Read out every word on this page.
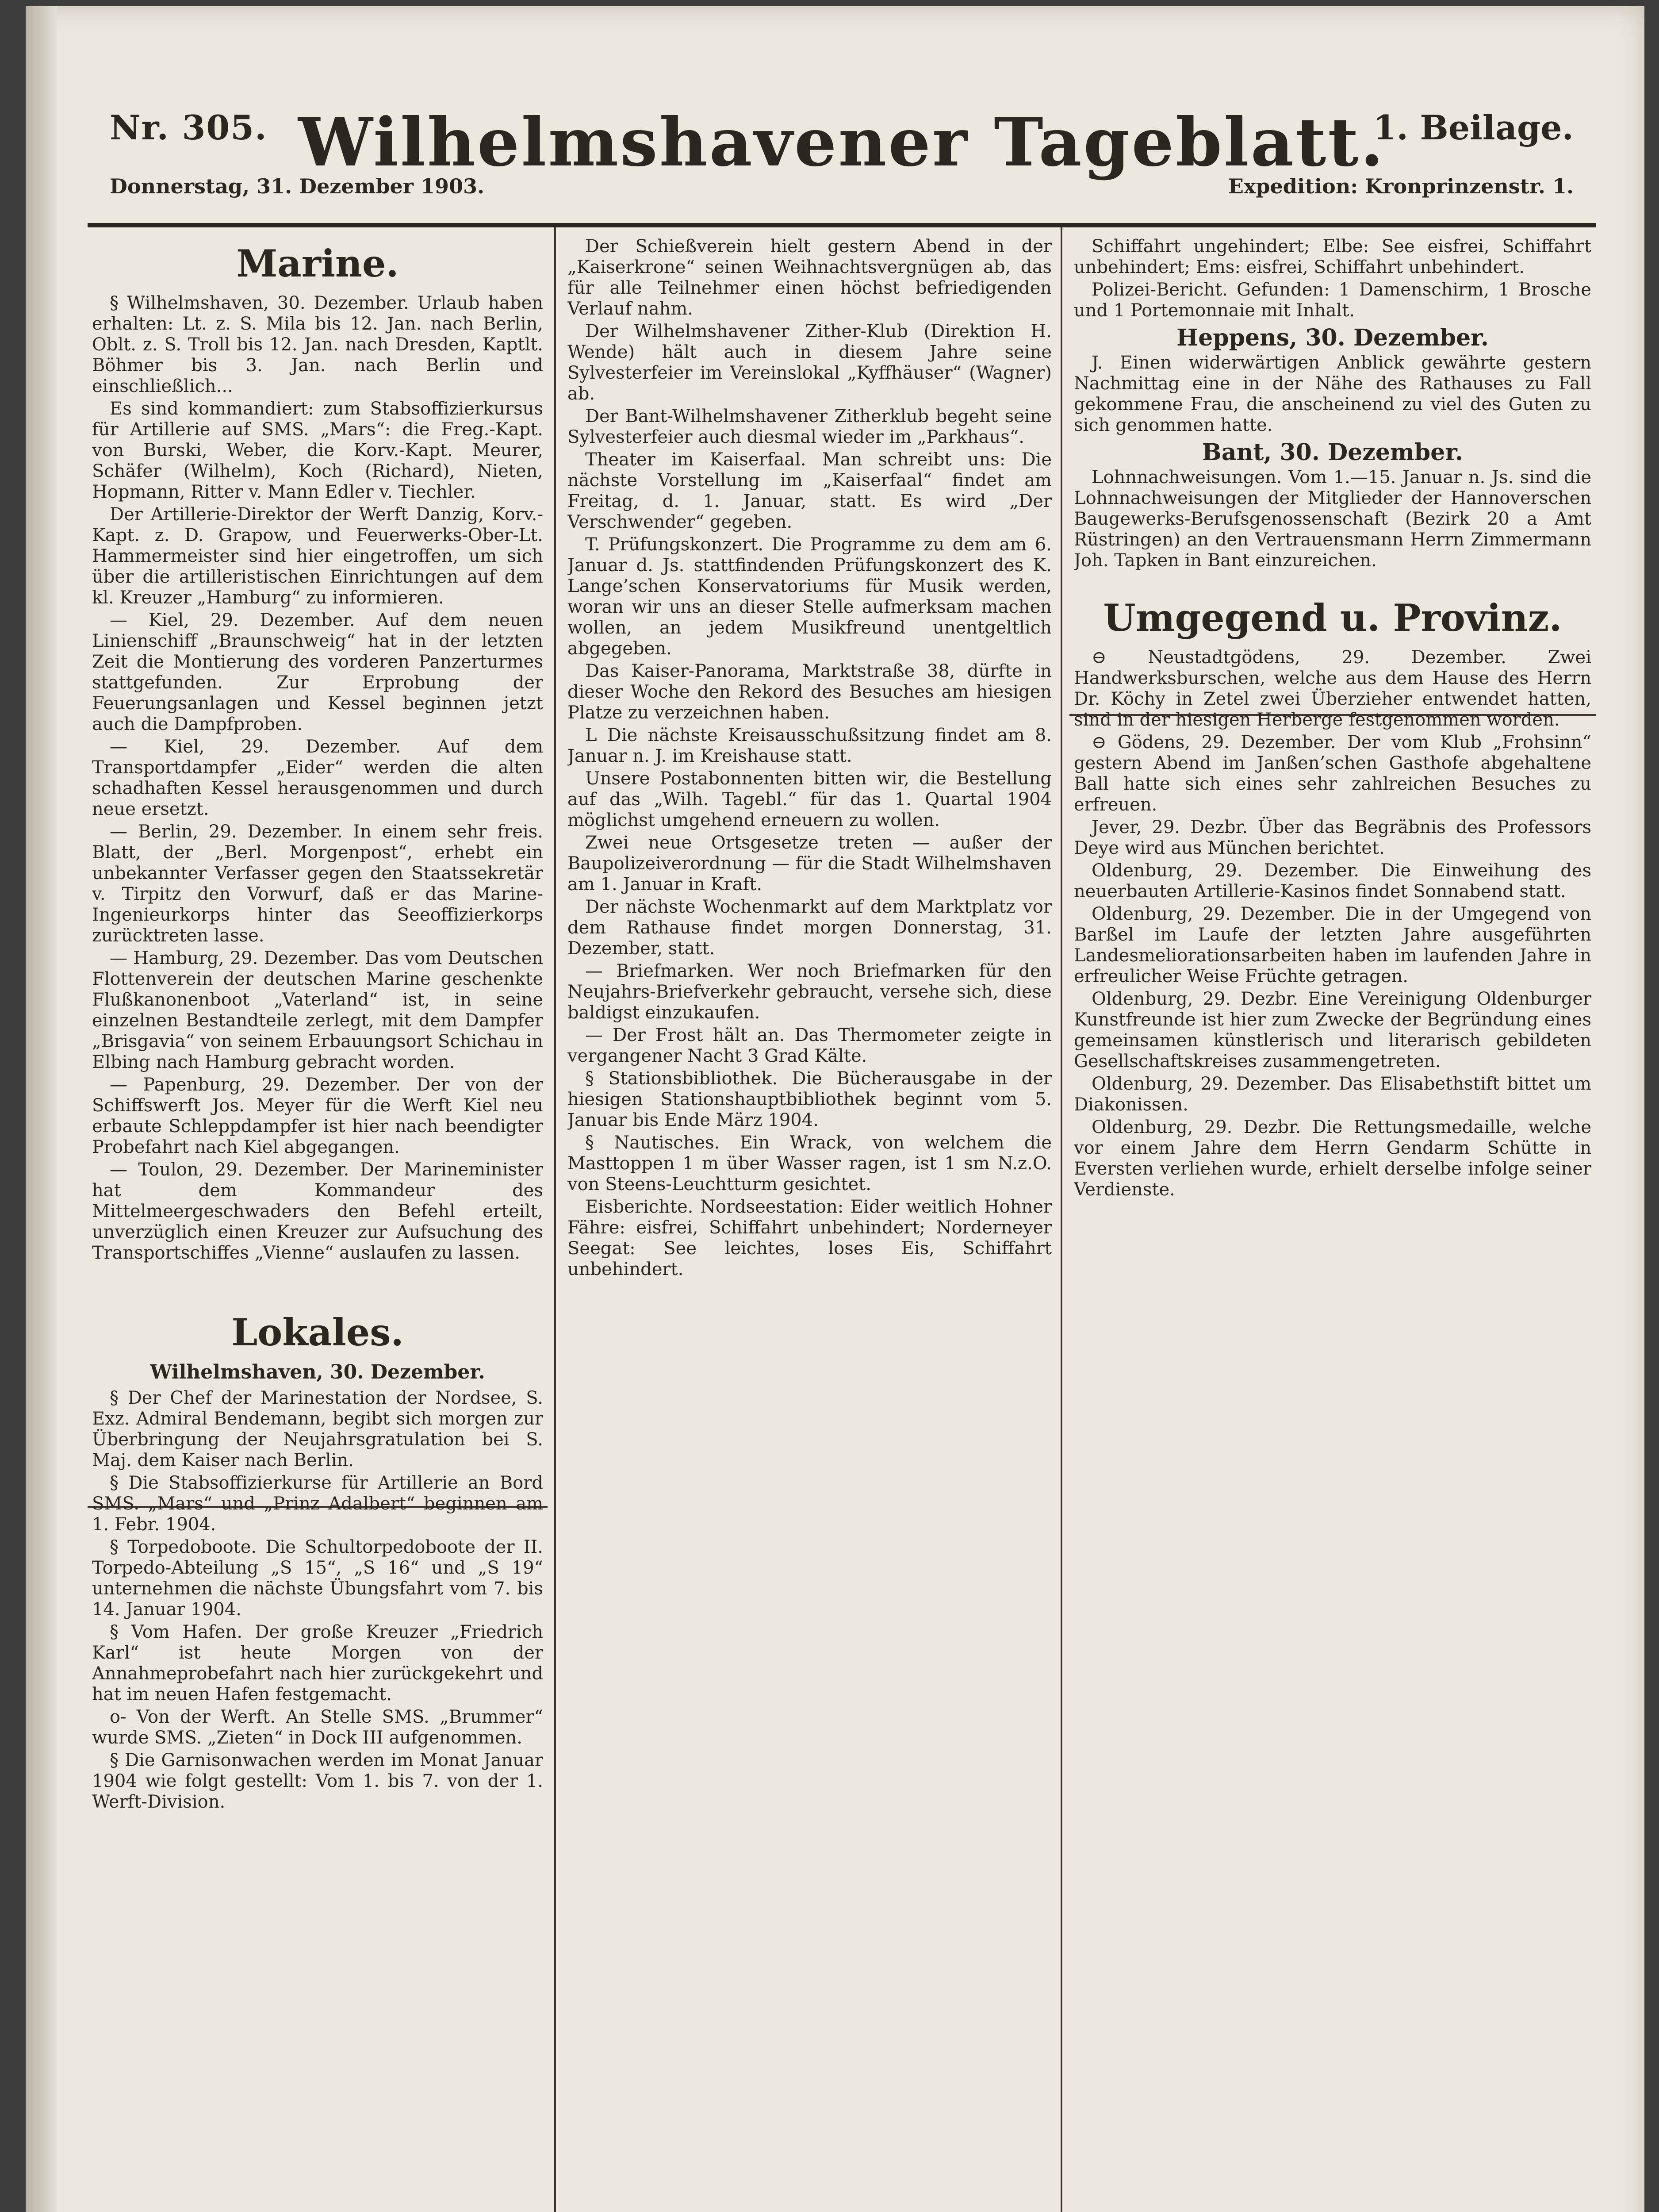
Nr. 305.
Donnerstag, 31. Dezember 1903.
Wilhelmshavener Tageblatt.
1. Beilage.
Expedition: Kronprinzenstr. 1.
Marine.

§ Wilhelmshaven, 30. Dezember. Urlaub haben erhalten: Lt. z. S. Mila bis 12. Jan. nach Berlin, Oblt. z. S. Troll bis 12. Jan. nach Dresden, Kaptlt. Böhmer bis 3. Jan. nach Berlin und einschließlich...

Es sind kommandiert: zum Stabsoffizierkursus für Artillerie auf SMS. „Mars“: die Freg.-Kapt. von Burski, Weber, die Korv.-Kapt. Meurer, Schäfer (Wilhelm), Koch (Richard), Nieten, Hopmann, Ritter v. Mann Edler v. Tiechler.

Der Artillerie-Direktor der Werft Danzig, Korv.-Kapt. z. D. Grapow, und Feuerwerks-Ober-Lt. Hammermeister sind hier eingetroffen, um sich über die artilleristischen Einrichtungen auf dem kl. Kreuzer „Hamburg“ zu informieren.

— Kiel, 29. Dezember. Auf dem neuen Linienschiff „Braunschweig“ hat in der letzten Zeit die Montierung des vorderen Panzerturmes stattgefunden. Zur Erprobung der Feuerungsanlagen und Kessel beginnen jetzt auch die Dampfproben.

— Kiel, 29. Dezember. Auf dem Transportdampfer „Eider“ werden die alten schadhaften Kessel herausgenommen und durch neue ersetzt.

— Berlin, 29. Dezember. In einem sehr freis. Blatt, der „Berl. Morgenpost“, erhebt ein unbekannter Verfasser gegen den Staatssekretär v. Tirpitz den Vorwurf, daß er das Marine-Ingenieurkorps hinter das Seeoffizierkorps zurücktreten lasse.

— Hamburg, 29. Dezember. Das vom Deutschen Flottenverein der deutschen Marine geschenkte Flußkanonenboot „Vaterland“ ist, in seine einzelnen Bestandteile zerlegt, mit dem Dampfer „Brisgavia“ von seinem Erbauungsort Schichau in Elbing nach Hamburg gebracht worden.

— Papenburg, 29. Dezember. Der von der Schiffswerft Jos. Meyer für die Werft Kiel neu erbaute Schleppdampfer ist hier nach beendigter Probefahrt nach Kiel abgegangen.

— Toulon, 29. Dezember. Der Marineminister hat dem Kommandeur des Mittelmeergeschwaders den Befehl erteilt, unverzüglich einen Kreuzer zur Aufsuchung des Transportschiffes „Vienne“ auslaufen zu lassen.

Lokales.
Wilhelmshaven, 30. Dezember.

§ Der Chef der Marinestation der Nordsee, S. Exz. Admiral Bendemann, begibt sich morgen zur Überbringung der Neujahrsgratulation bei S. Maj. dem Kaiser nach Berlin.

§ Die Stabsoffizierkurse für Artillerie an Bord SMS. „Mars“ und „Prinz Adalbert“ beginnen am 1. Febr. 1904.

§ Torpedoboote. Die Schultorpedoboote der II. Torpedo-Abteilung „S 15“, „S 16“ und „S 19“ unternehmen die nächste Übungsfahrt vom 7. bis 14. Januar 1904.

§ Vom Hafen. Der große Kreuzer „Friedrich Karl“ ist heute Morgen von der Annahmeprobefahrt nach hier zurückgekehrt und hat im neuen Hafen festgemacht.

o- Von der Werft. An Stelle SMS. „Brummer“ wurde SMS. „Zieten“ in Dock III aufgenommen.

§ Die Garnisonwachen werden im Monat Januar 1904 wie folgt gestellt: Vom 1. bis 7. von der 1. Werft-Division.

Der Schießverein hielt gestern Abend in der „Kaiserkrone“ seinen Weihnachtsvergnügen ab, das für alle Teilnehmer einen höchst befriedigenden Verlauf nahm.

Der Wilhelmshavener Zither-Klub (Direktion H. Wende) hält auch in diesem Jahre seine Sylvesterfeier im Vereinslokal „Kyffhäuser“ (Wagner) ab.

Der Bant-Wilhelmshavener Zitherklub begeht seine Sylvesterfeier auch diesmal wieder im „Parkhaus“.

Theater im Kaiserfaal. Man schreibt uns: Die nächste Vorstellung im „Kaiserfaal“ findet am Freitag, d. 1. Januar, statt. Es wird „Der Verschwender“ gegeben.

T. Prüfungskonzert. Die Programme zu dem am 6. Januar d. Js. stattfindenden Prüfungskonzert des K. Lange’schen Konservatoriums für Musik werden, woran wir uns an dieser Stelle aufmerksam machen wollen, an jedem Musikfreund unentgeltlich abgegeben.

Das Kaiser-Panorama, Marktstraße 38, dürfte in dieser Woche den Rekord des Besuches am hiesigen Platze zu verzeichnen haben.

L Die nächste Kreisausschußsitzung findet am 8. Januar n. J. im Kreishause statt.

Unsere Postabonnenten bitten wir, die Bestellung auf das „Wilh. Tagebl.“ für das 1. Quartal 1904 möglichst umgehend erneuern zu wollen.

Zwei neue Ortsgesetze treten — außer der Baupolizeiverordnung — für die Stadt Wilhelmshaven am 1. Januar in Kraft.

Der nächste Wochenmarkt auf dem Marktplatz vor dem Rathause findet morgen Donnerstag, 31. Dezember, statt.

— Briefmarken. Wer noch Briefmarken für den Neujahrs-Briefverkehr gebraucht, versehe sich, diese baldigst einzukaufen.

— Der Frost hält an. Das Thermometer zeigte in vergangener Nacht 3 Grad Kälte.

§ Stationsbibliothek. Die Bücherausgabe in der hiesigen Stationshauptbibliothek beginnt vom 5. Januar bis Ende März 1904.

§ Nautisches. Ein Wrack, von welchem die Masttoppen 1 m über Wasser ragen, ist 1 sm N.z.O. von Steens-Leuchtturm gesichtet.

Eisberichte. Nordseestation: Eider weitlich Hohner Fähre: eisfrei, Schiffahrt unbehindert; Norderneyer Seegat: See leichtes, loses Eis, Schiffahrt unbehindert.

Schiffahrt ungehindert; Elbe: See eisfrei, Schiffahrt unbehindert; Ems: eisfrei, Schiffahrt unbehindert.

Polizei-Bericht. Gefunden: 1 Damenschirm, 1 Brosche und 1 Portemonnaie mit Inhalt.

Heppens, 30. Dezember.

J. Einen widerwärtigen Anblick gewährte gestern Nachmittag eine in der Nähe des Rathauses zu Fall gekommene Frau, die anscheinend zu viel des Guten zu sich genommen hatte.

Bant, 30. Dezember.

Lohnnachweisungen. Vom 1.—15. Januar n. Js. sind die Lohnnachweisungen der Mitglieder der Hannoverschen Baugewerks-Berufsgenossenschaft (Bezirk 20 a Amt Rüstringen) an den Vertrauensmann Herrn Zimmermann Joh. Tapken in Bant einzureichen.

Umgegend u. Provinz.

⊖ Neustadtgödens, 29. Dezember. Zwei Handwerksburschen, welche aus dem Hause des Herrn Dr. Köchy in Zetel zwei Überzieher entwendet hatten, sind in der hiesigen Herberge festgenommen worden.

⊖ Gödens, 29. Dezember. Der vom Klub „Frohsinn“ gestern Abend im Janßen’schen Gasthofe abgehaltene Ball hatte sich eines sehr zahlreichen Besuches zu erfreuen.

Jever, 29. Dezbr. Über das Begräbnis des Professors Deye wird aus München berichtet.

Oldenburg, 29. Dezember. Die Einweihung des neuerbauten Artillerie-Kasinos findet Sonnabend statt.

Oldenburg, 29. Dezember. Die in der Umgegend von Barßel im Laufe der letzten Jahre ausgeführten Landesmeliorationsarbeiten haben im laufenden Jahre in erfreulicher Weise Früchte getragen.

Oldenburg, 29. Dezbr. Eine Vereinigung Oldenburger Kunstfreunde ist hier zum Zwecke der Begründung eines gemeinsamen künstlerisch und literarisch gebildeten Gesellschaftskreises zusammengetreten.

Oldenburg, 29. Dezember. Das Elisabethstift bittet um Diakonissen.

Oldenburg, 29. Dezbr. Die Rettungsmedaille, welche vor einem Jahre dem Herrn Gendarm Schütte in Eversten verliehen wurde, erhielt derselbe infolge seiner Verdienste.
